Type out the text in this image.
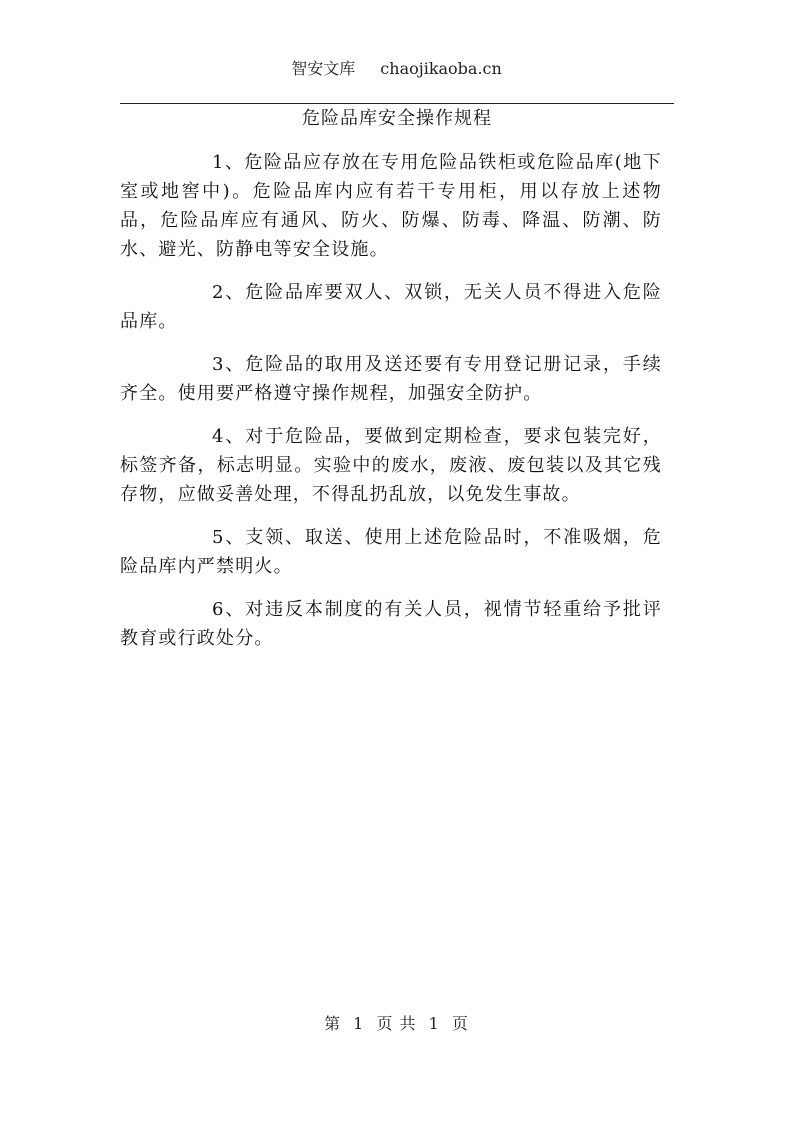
智安文库 chaojikaoba.cn
危险品库安全操作规程

1、危险品应存放在专用危险品铁柜或危险品库(地下室或地窖中)。危险品库内应有若干专用柜，用以存放上述物品，危险品库应有通风、防火、防爆、防毒、降温、防潮、防水、避光、防静电等安全设施。

2、危险品库要双人、双锁，无关人员不得进入危险品库。

3、危险品的取用及送还要有专用登记册记录，手续齐全。使用要严格遵守操作规程，加强安全防护。

4、对于危险品，要做到定期检查，要求包装完好，标签齐备，标志明显。实验中的废水，废液、废包装以及其它残存物，应做妥善处理，不得乱扔乱放，以免发生事故。

5、支领、取送、使用上述危险品时，不准吸烟，危险品库内严禁明火。

6、对违反本制度的有关人员，视情节轻重给予批评教育或行政处分。

第 1 页 共 1 页
